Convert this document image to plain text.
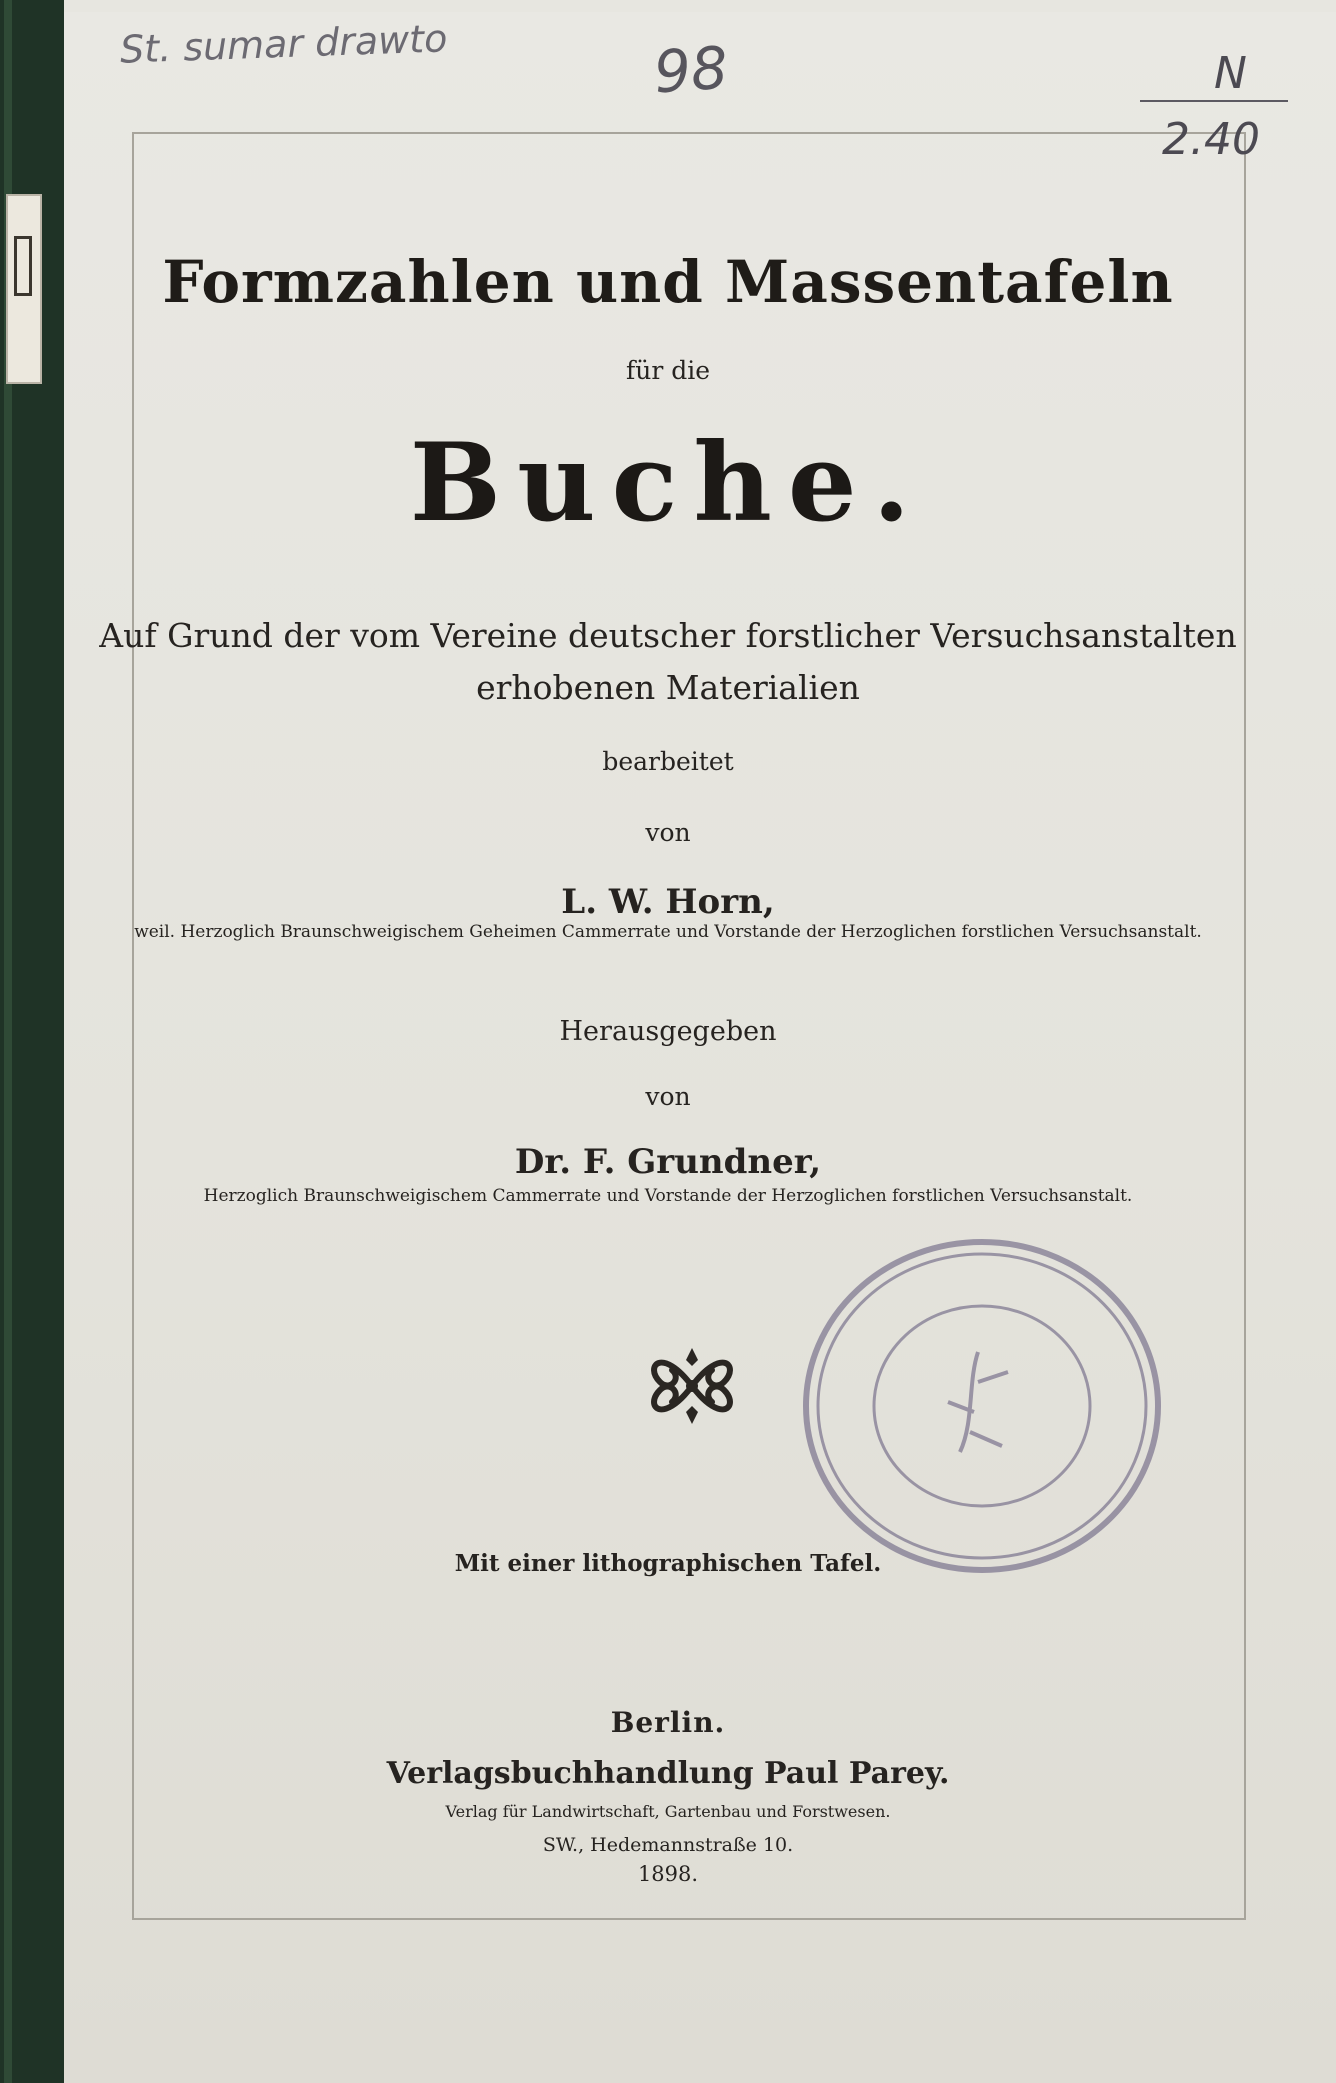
St. sumar drawto	98	N
2.40
Formzahlen und Massentafeln
für die
Buche.
Auf Grund der vom Vereine deutscher forstlicher Versuchsanstalten
erhobenen Materialien
bearbeitet
von
L. W. Horn,
weil. Herzoglich Braunschweigischem Geheimen Cammerrate und Vorstande der Herzoglichen forstlichen Versuchsanstalt.
Herausgegeben
von
Dr. F. Grundner,
Herzoglich Braunschweigischem Cammerrate und Vorstande der Herzoglichen forstlichen Versuchsanstalt.
Mit einer lithographischen Tafel.
Berlin.
Verlagsbuchhandlung Paul Parey.
Verlag für Landwirtschaft, Gartenbau und Forstwesen.
SW., Hedemannstraße 10.
1898.
